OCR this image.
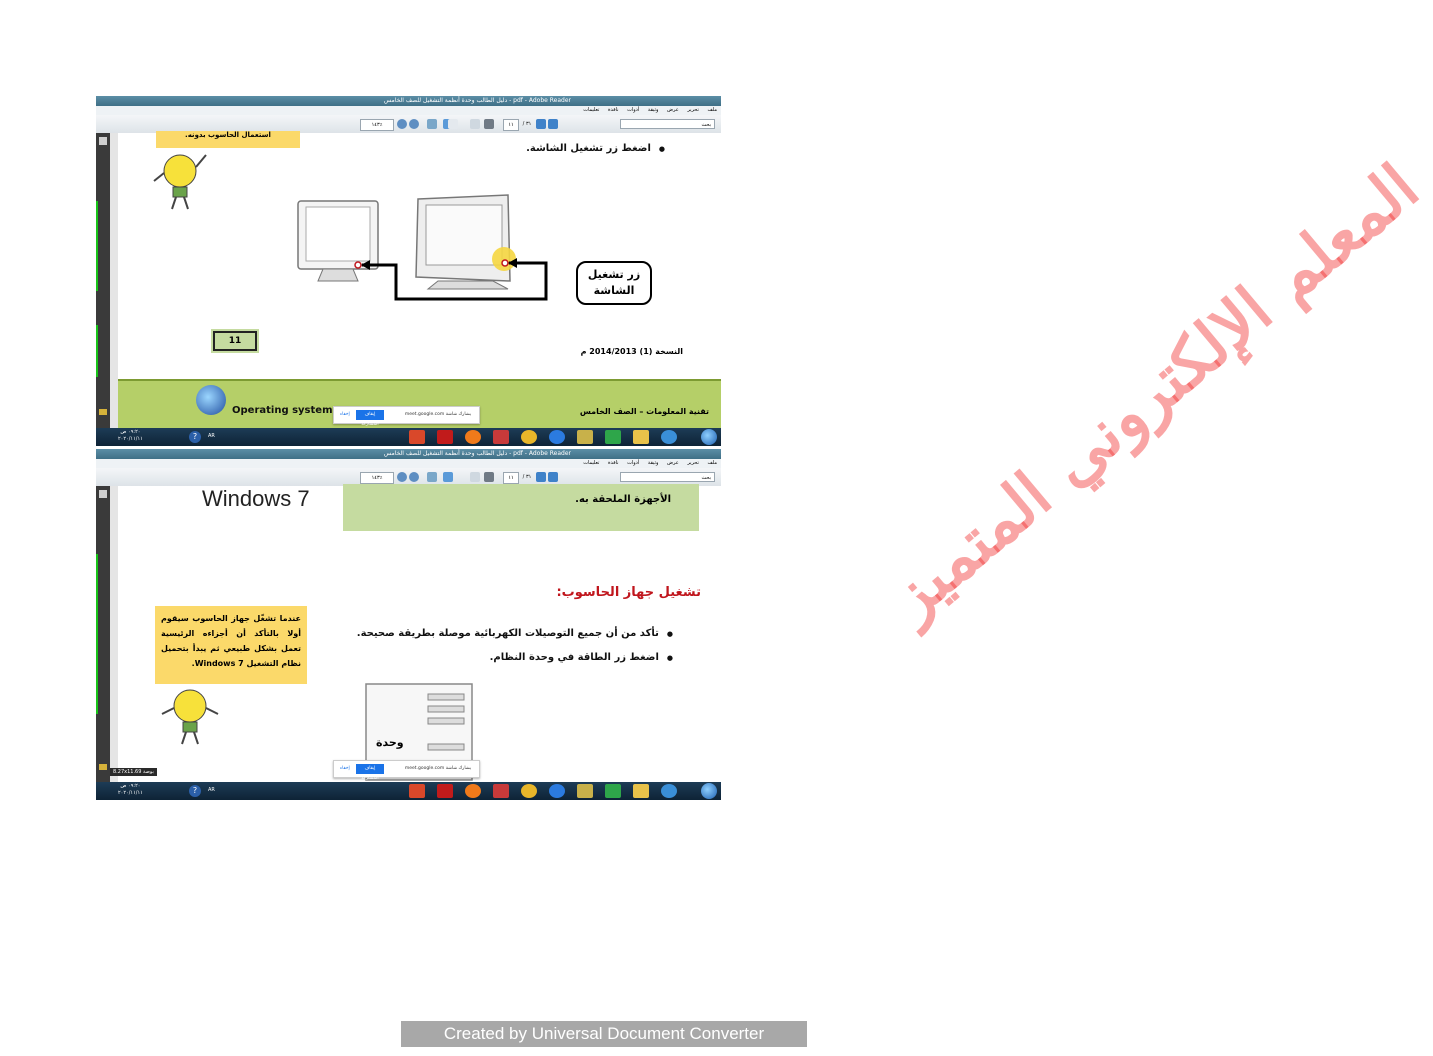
pdf - Adobe Reader - دليل الطالب وحدة أنظمة التشغيل للصف الخامس
ملف تحرير عرض وثيقة أدوات نافذة تعليمات
بحث
١٤٣٪	/ ٣١
١١
استعمال الحاسوب بدونه.
● اضغط زر تشغيل الشاشة.
زر تشغيل
الشاشة
11
النسخة (1) 2014/2013 م
Operating system	تقنية المعلومات – الصف الخامس
يشارك شاشة meet.google.com
إيقاف المشاركة
إخفاء
٠٩:٢٠ ص
٢٠٢٠/١١/١١	?	AR
pdf - Adobe Reader - دليل الطالب وحدة أنظمة التشغيل للصف الخامس
ملف تحرير عرض وثيقة أدوات نافذة تعليمات
بحث
١٤٣٪	/ ٣١
١١
Windows 7	الأجهزة الملحقة به.
تشغيل جهاز الحاسوب:
● تأكد من أن جميع التوصيلات الكهربائية موصلة بطريقة صحيحة.
● اضغط زر الطاقة في وحدة النظام.
عندما تشغّل جهاز الحاسوب سيقوم أولا بالتأكد أن أجزاءه الرئيسية تعمل بشكل طبيعي ثم يبدأ بتحميل نظام التشغيل Windows 7.
وحدة
8.27x11.69 بوصة
يشارك شاشة meet.google.com
إيقاف المشاركة
إخفاء
٠٩:٢٠ ص
٢٠٢٠/١١/١١	?	AR
المعلم الإلكتروني المتميز
Created by Universal Document Converter
